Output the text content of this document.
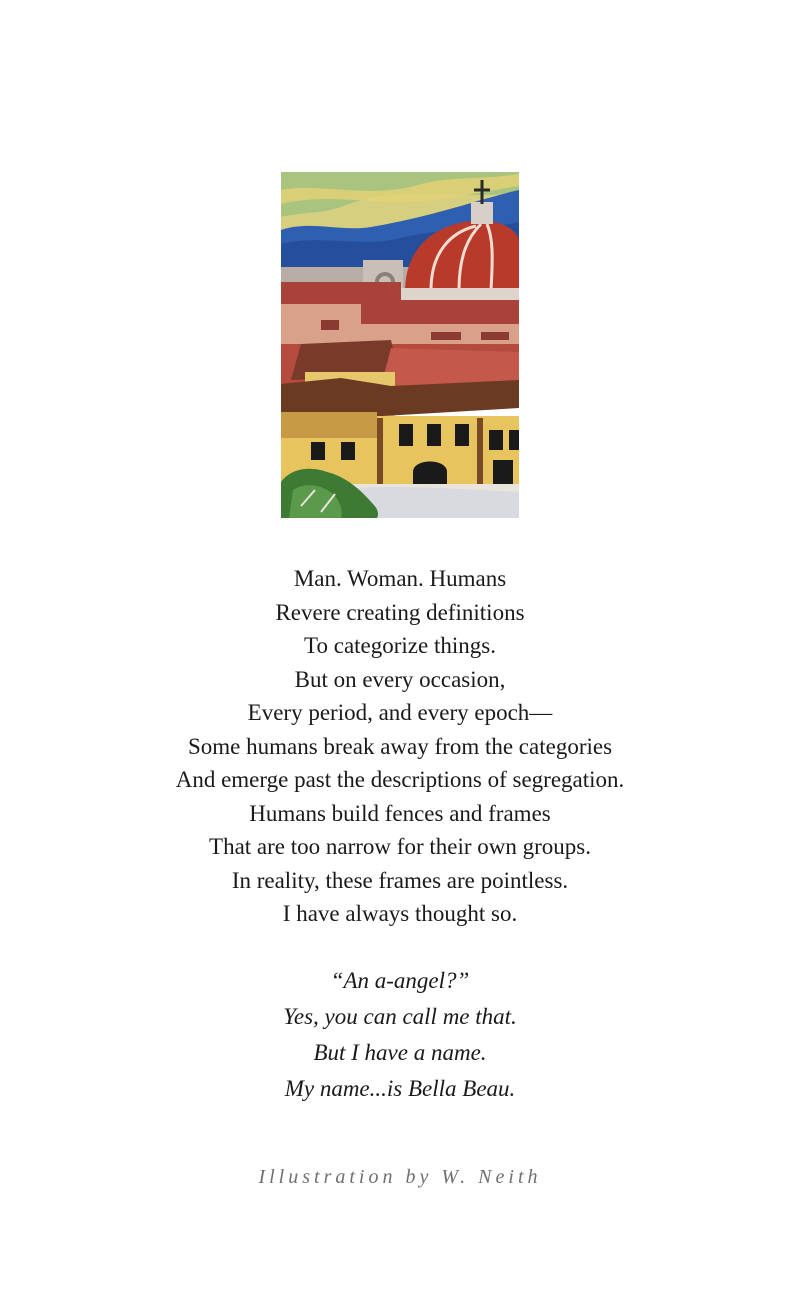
Man. Woman. Humans
Revere creating definitions
To categorize things.
But on every occasion,
Every period, and every epoch—
Some humans break away from the categories
And emerge past the descriptions of segregation.
Humans build fences and frames
That are too narrow for their own groups.
In reality, these frames are pointless.
I have always thought so.
“An a-angel?”
Yes, you can call me that.
But I have a name.
My name...is Bella Beau.
Illustration by W. Neith
